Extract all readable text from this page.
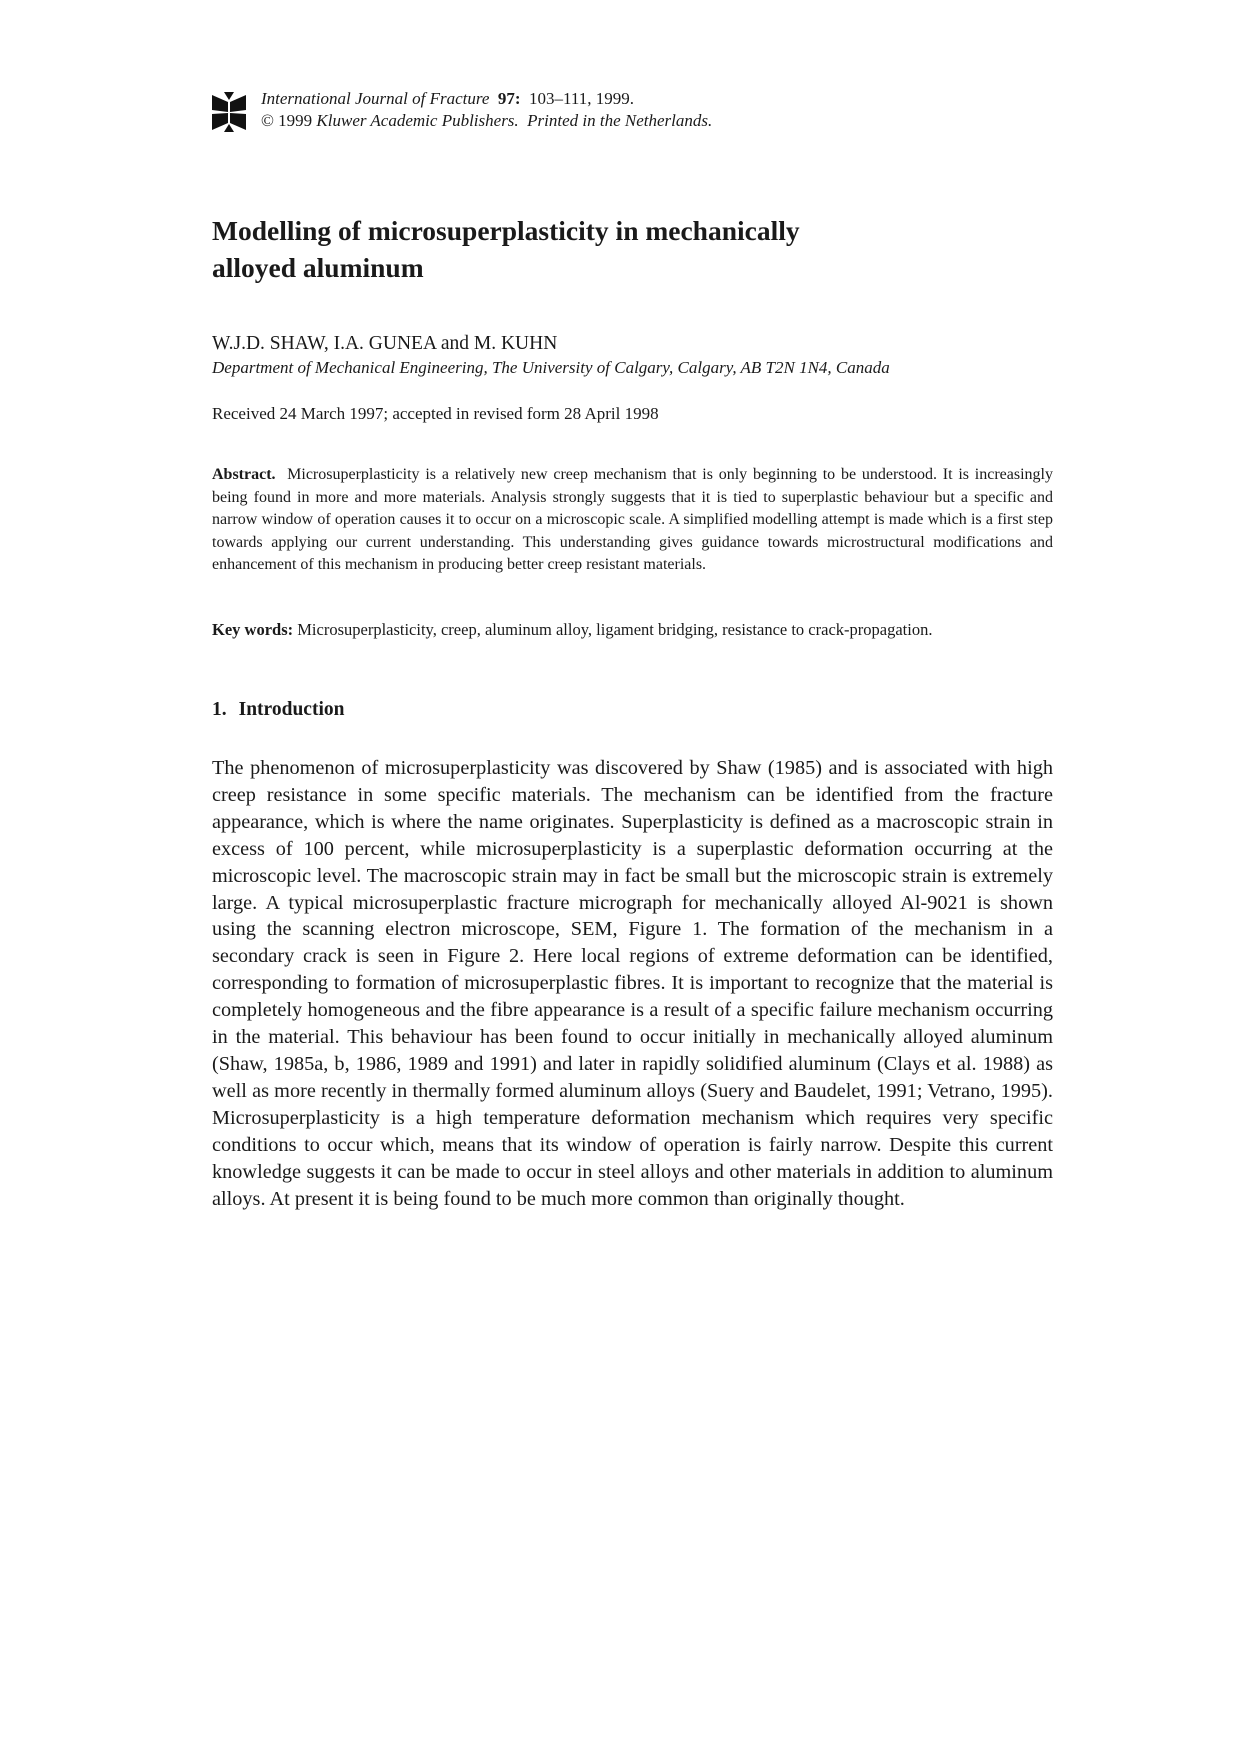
International Journal of Fracture 97: 103–111, 1999.
© 1999 Kluwer Academic Publishers. Printed in the Netherlands.
Modelling of microsuperplasticity in mechanically
alloyed aluminum
W.J.D. SHAW, I.A. GUNEA and M. KUHN
Department of Mechanical Engineering, The University of Calgary, Calgary, AB T2N 1N4, Canada
Received 24 March 1997; accepted in revised form 28 April 1998

Abstract. Microsuperplasticity is a relatively new creep mechanism that is only beginning to be understood. It is increasingly being found in more and more materials. Analysis strongly suggests that it is tied to superplastic behaviour but a specific and narrow window of operation causes it to occur on a microscopic scale. A simplified modelling attempt is made which is a first step towards applying our current understanding. This understanding gives guidance towards microstructural modifications and enhancement of this mechanism in producing better creep resistant materials.

Key words: Microsuperplasticity, creep, aluminum alloy, ligament bridging, resistance to crack-propagation.
1. Introduction

The phenomenon of microsuperplasticity was discovered by Shaw (1985) and is associated with high creep resistance in some specific materials. The mechanism can be identified from the fracture appearance, which is where the name originates. Superplasticity is defined as a macroscopic strain in excess of 100 percent, while microsuperplasticity is a superplastic deformation occurring at the microscopic level. The macroscopic strain may in fact be small but the microscopic strain is extremely large. A typical microsuperplastic fracture micrograph for mechanically alloyed Al-9021 is shown using the scanning electron microscope, SEM, Figure 1. The formation of the mechanism in a secondary crack is seen in Figure 2. Here local regions of extreme deformation can be identified, corresponding to formation of microsuperplastic fibres. It is important to recognize that the material is completely homogeneous and the fibre appearance is a result of a specific failure mechanism occurring in the material. This behaviour has been found to occur initially in mechanically alloyed aluminum (Shaw, 1985a, b, 1986, 1989 and 1991) and later in rapidly solidified aluminum (Clays et al. 1988) as well as more recently in thermally formed aluminum alloys (Suery and Baudelet, 1991; Vetrano, 1995). Microsuperplasticity is a high temperature deformation mechanism which requires very specific conditions to occur which, means that its window of operation is fairly narrow. Despite this current knowledge suggests it can be made to occur in steel alloys and other materials in addition to aluminum alloys. At present it is being found to be much more common than originally thought.
